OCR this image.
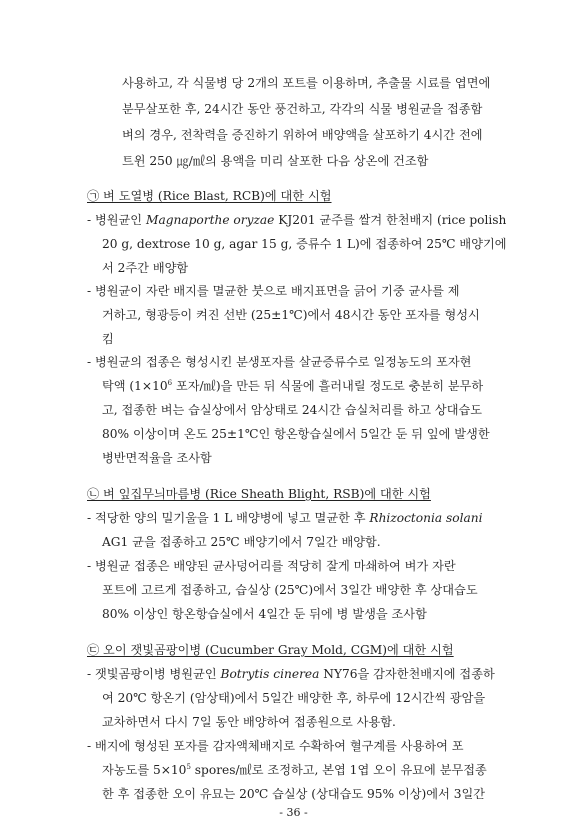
사용하고, 각 식물병 당 2개의 포트를 이용하며, 추출물 시료를 엽면에
분무살포한 후, 24시간 동안 풍건하고, 각각의 식물 병원균을 접종함
벼의 경우, 전착력을 증진하기 위하여 배양액을 살포하기 4시간 전에
트윈 250 ㎍/㎖의 용액을 미리 살포한 다음 상온에 건조함
㉠ 벼 도열병 (Rice Blast, RCB)에 대한 시험
- 병원균인 Magnaporthe oryzae KJ201 균주를 쌀겨 한천배지 (rice polish
20 g, dextrose 10 g, agar 15 g, 증류수 1 L)에 접종하여 25℃ 배양기에
서 2주간 배양함
- 병원균이 자란 배지를 멸균한 붓으로 배지표면을 긁어 기중 균사를 제
거하고, 형광등이 켜진 선반 (25±1℃)에서 48시간 동안 포자를 형성시
킴
- 병원균의 접종은 형성시킨 분생포자를 살균증류수로 일정농도의 포자현
탁액 ($1\times 10^6$ 포자/㎖)을 만든 뒤 식물에 흘러내릴 정도로 충분히 분무하
고, 접종한 벼는 습실상에서 암상태로 24시간 습실처리를 하고 상대습도
80% 이상이며 온도 25±1℃인 항온항습실에서 5일간 둔 뒤 잎에 발생한
병반면적율을 조사함
㉡ 벼 잎집무늬마름병 (Rice Sheath Blight, RSB)에 대한 시험
- 적당한 양의 밀기울을 1 L 배양병에 넣고 멸균한 후 Rhizoctonia solani
AG1 균을 접종하고 25℃ 배양기에서 7일간 배양함.
- 병원균 접종은 배양된 균사덩어리를 적당히 잘게 마쇄하여 벼가 자란
포트에 고르게 접종하고, 습실상 (25℃)에서 3일간 배양한 후 상대습도
80% 이상인 항온항습실에서 4일간 둔 뒤에 병 발생을 조사함
㉢ 오이 잿빛곰팡이병 (Cucumber Gray Mold, CGM)에 대한 시험
- 잿빛곰팡이병 병원균인 Botrytis cinerea NY76을 감자한천배지에 접종하
여 20℃ 항온기 (암상태)에서 5일간 배양한 후, 하루에 12시간씩 광암을
교차하면서 다시 7일 동안 배양하여 접종원으로 사용함.
- 배지에 형성된 포자를 감자액체배지로 수확하여 혈구계를 사용하여 포
자농도를 $5\times 10^5$ spores/㎖로 조정하고, 본엽 1엽 오이 유묘에 분무접종
한 후 접종한 오이 유묘는 20℃ 습실상 (상대습도 95% 이상)에서 3일간
- 36 -
